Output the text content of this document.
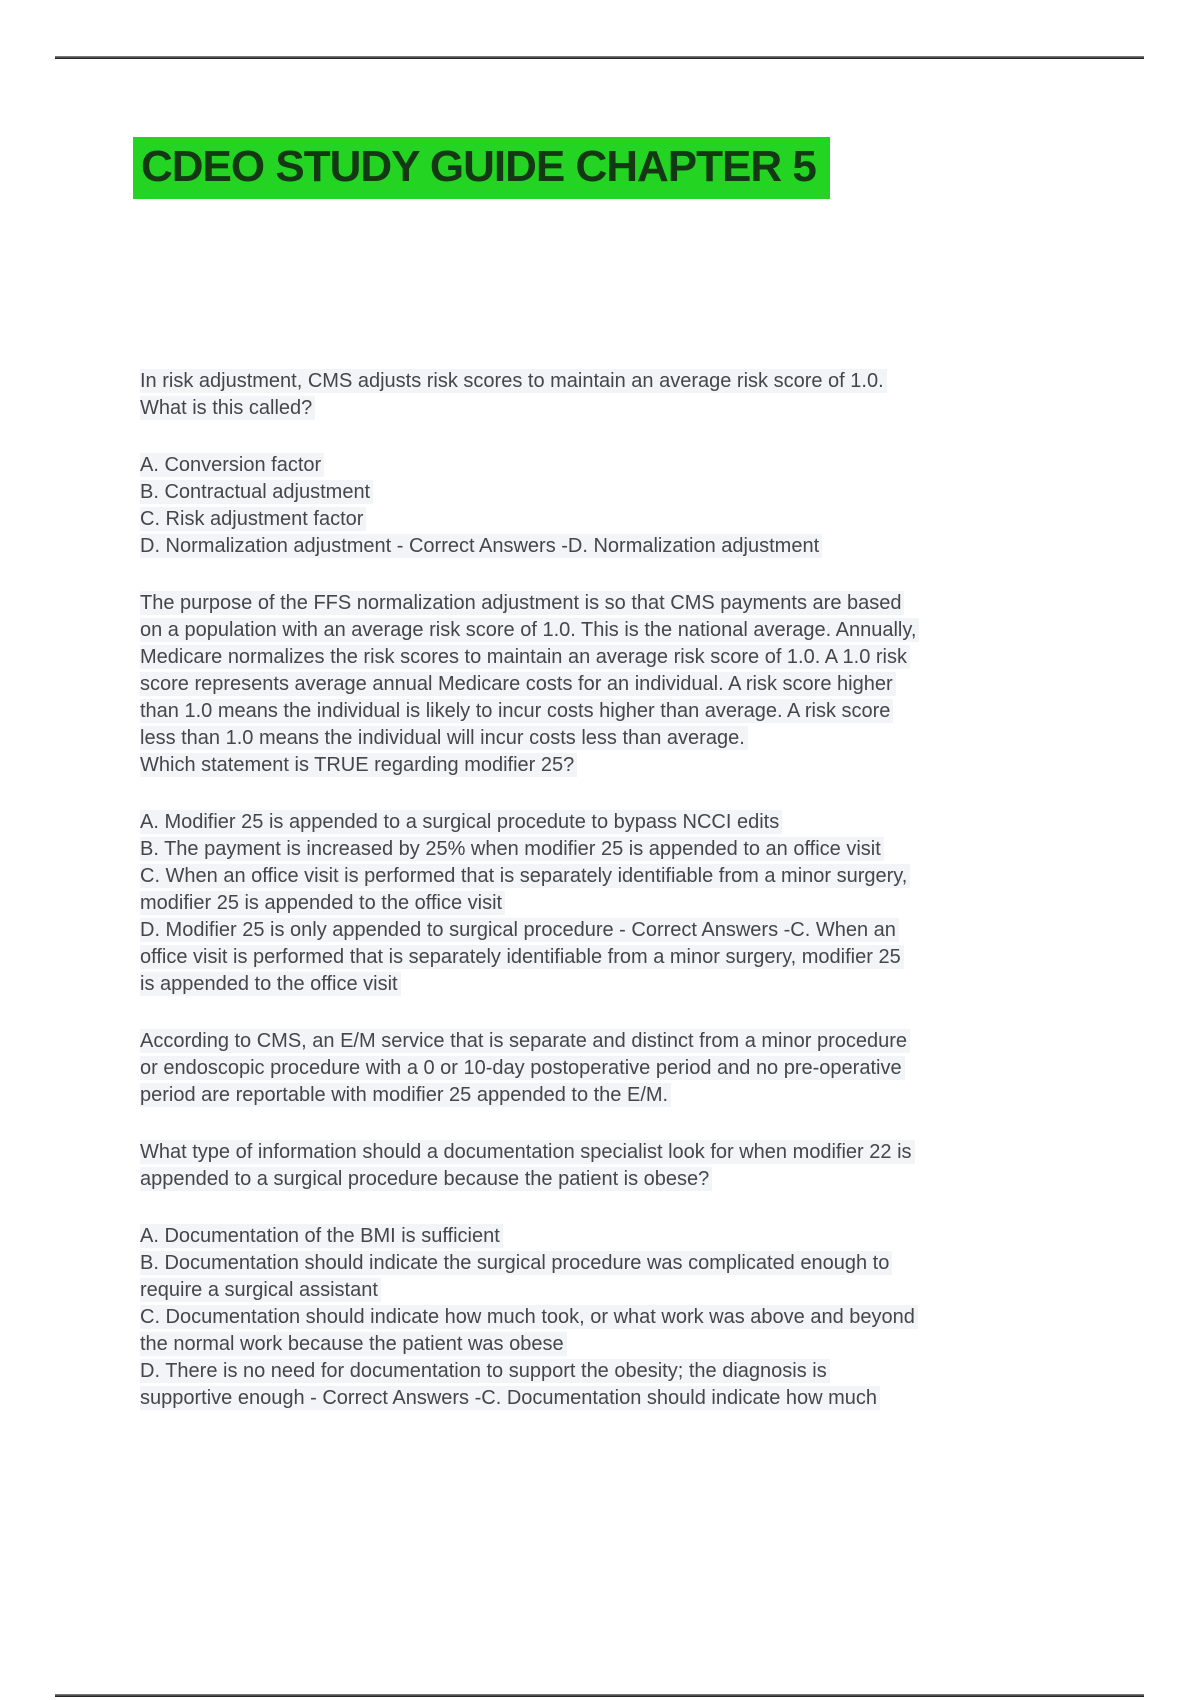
CDEO STUDY GUIDE CHAPTER 5
In risk adjustment, CMS adjusts risk scores to maintain an average risk score of 1.0.
What is this called?
A. Conversion factor
B. Contractual adjustment
C. Risk adjustment factor
D. Normalization adjustment - Correct Answers -D. Normalization adjustment
The purpose of the FFS normalization adjustment is so that CMS payments are based
on a population with an average risk score of 1.0. This is the national average. Annually,
Medicare normalizes the risk scores to maintain an average risk score of 1.0. A 1.0 risk
score represents average annual Medicare costs for an individual. A risk score higher
than 1.0 means the individual is likely to incur costs higher than average. A risk score
less than 1.0 means the individual will incur costs less than average.
Which statement is TRUE regarding modifier 25?
A. Modifier 25 is appended to a surgical procedute to bypass NCCI edits
B. The payment is increased by 25% when modifier 25 is appended to an office visit
C. When an office visit is performed that is separately identifiable from a minor surgery,
modifier 25 is appended to the office visit
D. Modifier 25 is only appended to surgical procedure - Correct Answers -C. When an
office visit is performed that is separately identifiable from a minor surgery, modifier 25
is appended to the office visit
According to CMS, an E/M service that is separate and distinct from a minor procedure
or endoscopic procedure with a 0 or 10-day postoperative period and no pre-operative
period are reportable with modifier 25 appended to the E/M.
What type of information should a documentation specialist look for when modifier 22 is
appended to a surgical procedure because the patient is obese?
A. Documentation of the BMI is sufficient
B. Documentation should indicate the surgical procedure was complicated enough to
require a surgical assistant
C. Documentation should indicate how much took, or what work was above and beyond
the normal work because the patient was obese
D. There is no need for documentation to support the obesity; the diagnosis is
supportive enough - Correct Answers -C. Documentation should indicate how much
